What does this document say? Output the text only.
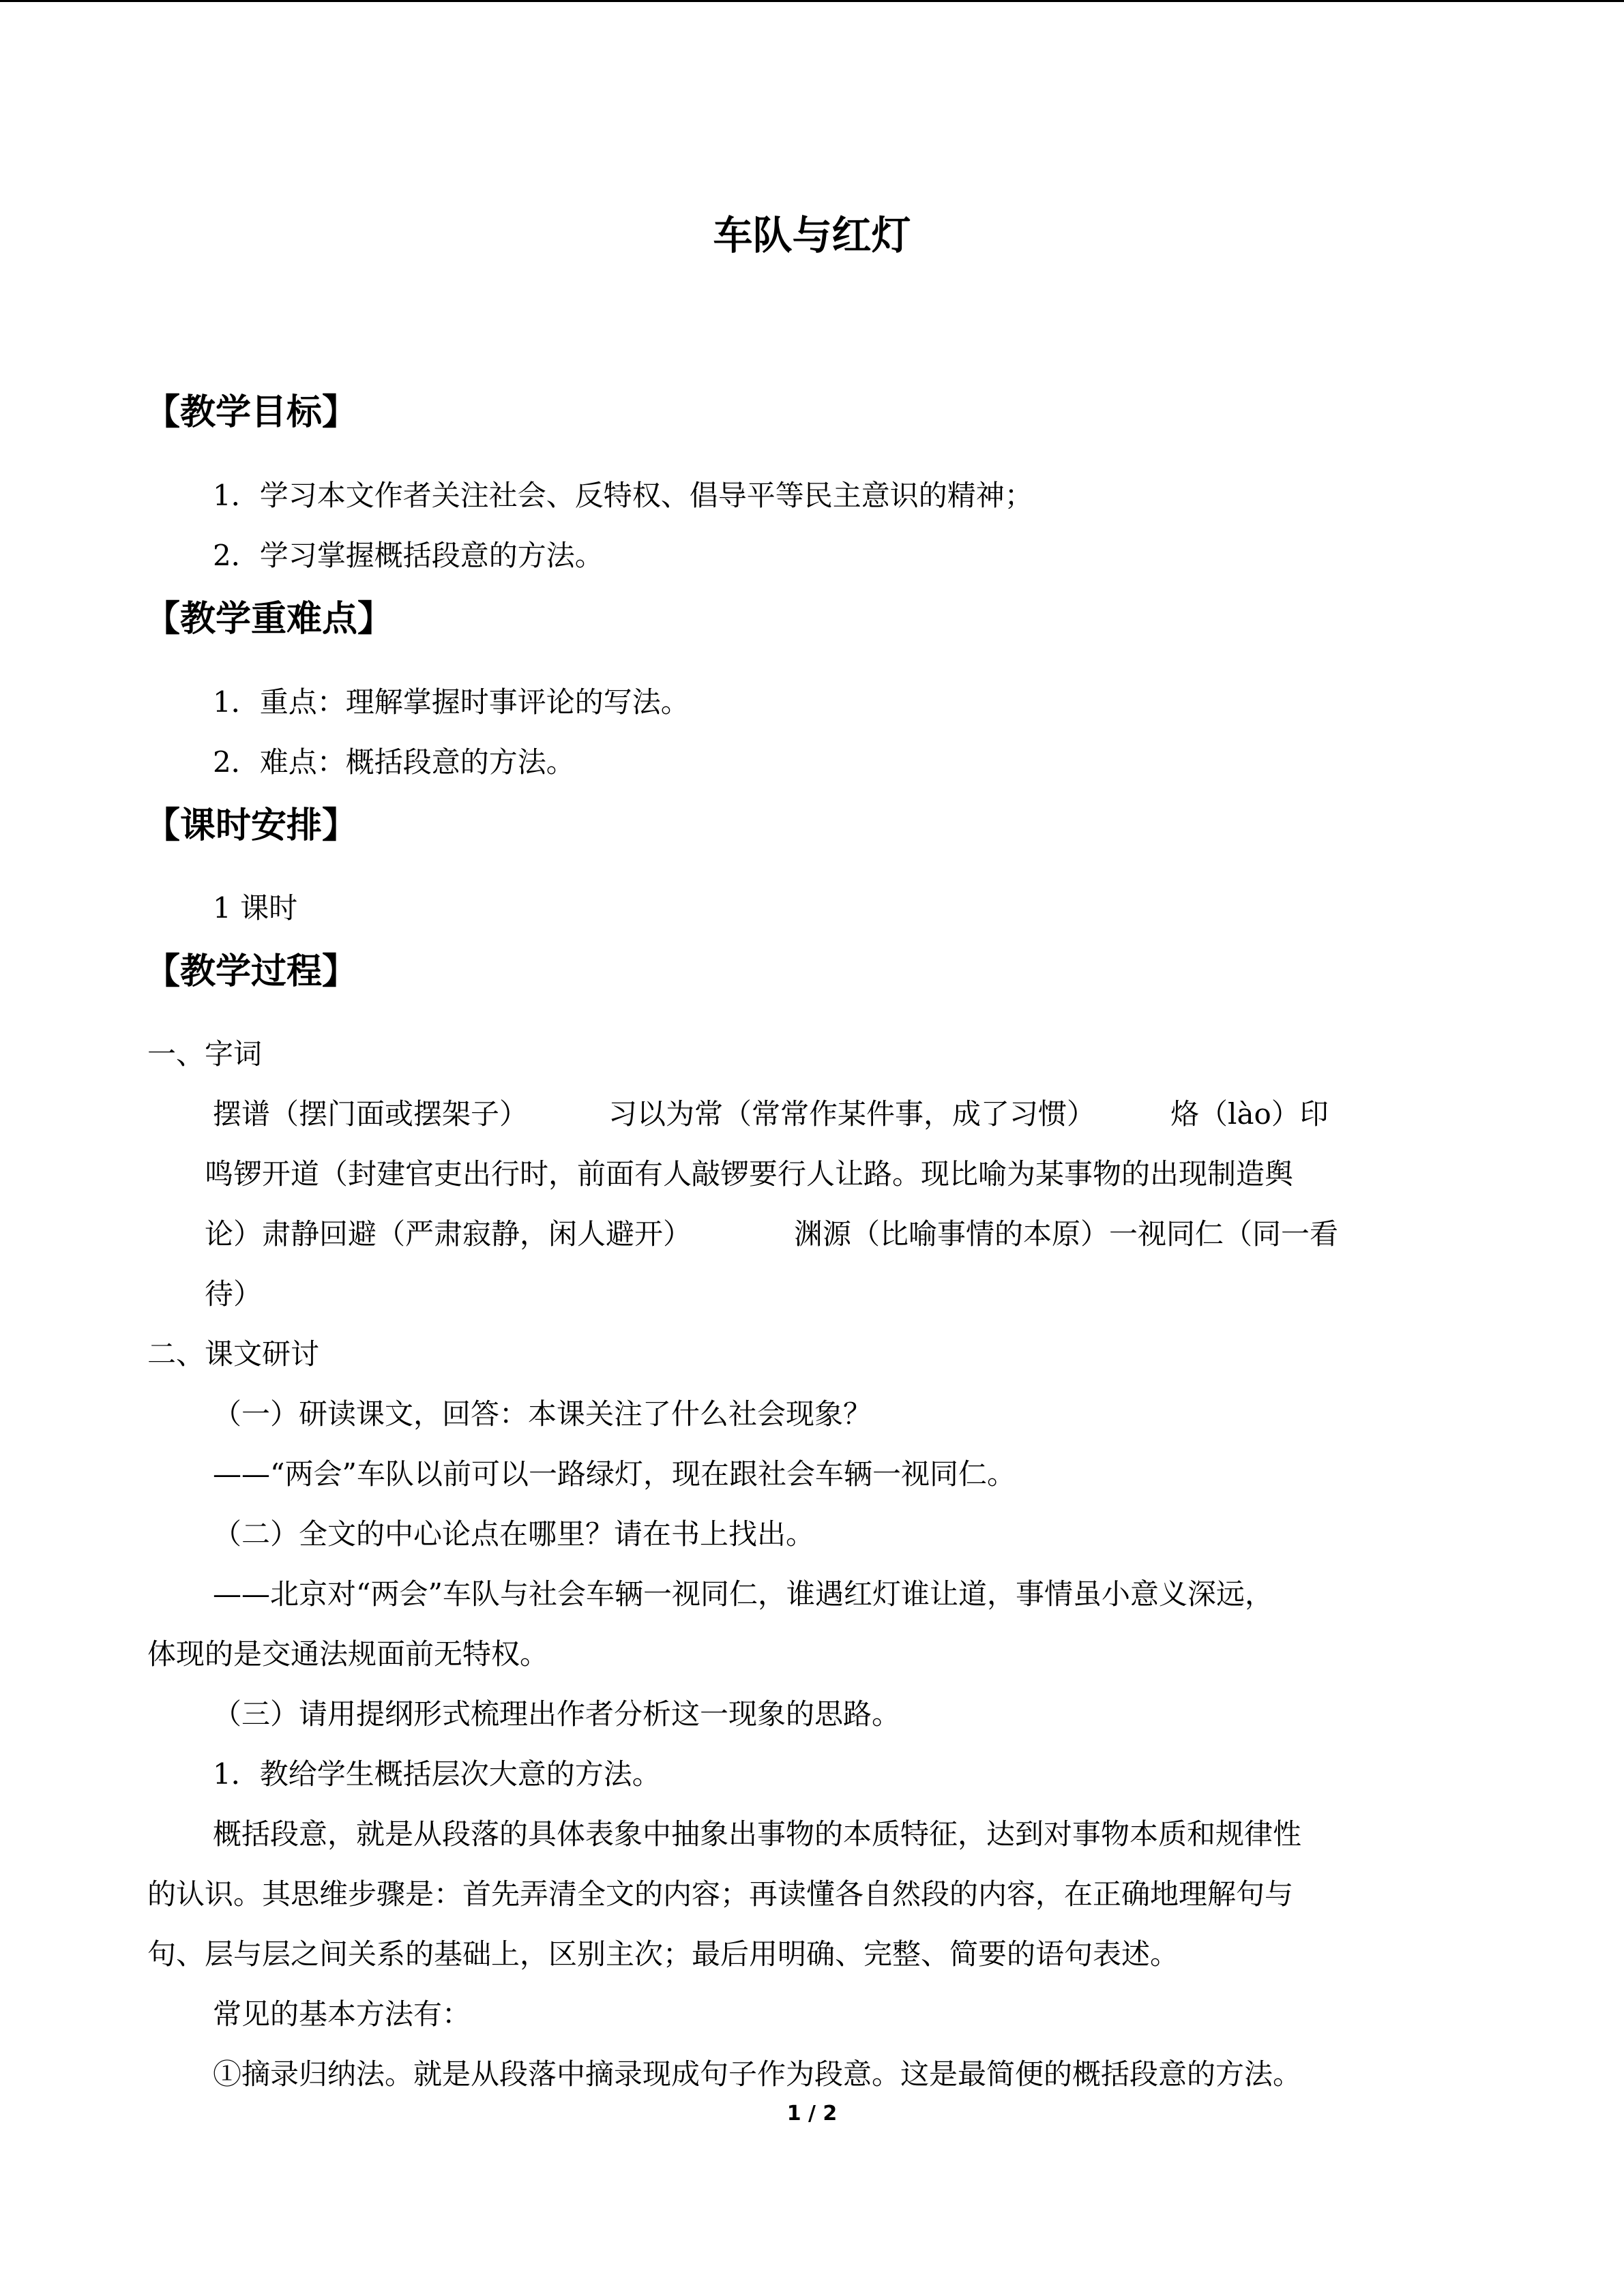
车队与红灯
【教学目标】
1．学习本文作者关注社会、反特权、倡导平等民主意识的精神；
2．学习掌握概括段意的方法。
【教学重难点】
1．重点：理解掌握时事评论的写法。
2．难点：概括段意的方法。
【课时安排】
1 课时
【教学过程】
一、字词
摆谱（摆门面或摆架子）	习以为常（常常作某件事，成了习惯）	烙（lào）印
鸣锣开道（封建官吏出行时，前面有人敲锣要行人让路。现比喻为某事物的出现制造舆
论）肃静回避（严肃寂静，闲人避开）	渊源（比喻事情的本原）一视同仁（同一看
待）
二、课文研讨
（一）研读课文，回答：本课关注了什么社会现象？
——“两会”车队以前可以一路绿灯，现在跟社会车辆一视同仁。
（二）全文的中心论点在哪里？请在书上找出。
——北京对“两会”车队与社会车辆一视同仁，谁遇红灯谁让道，事情虽小意义深远，
体现的是交通法规面前无特权。
（三）请用提纲形式梳理出作者分析这一现象的思路。
1．教给学生概括层次大意的方法。
概括段意，就是从段落的具体表象中抽象出事物的本质特征，达到对事物本质和规律性
的认识。其思维步骤是：首先弄清全文的内容；再读懂各自然段的内容，在正确地理解句与
句、层与层之间关系的基础上，区别主次；最后用明确、完整、简要的语句表述。
常见的基本方法有：
①摘录归纳法。就是从段落中摘录现成句子作为段意。这是最简便的概括段意的方法。
1 / 2
